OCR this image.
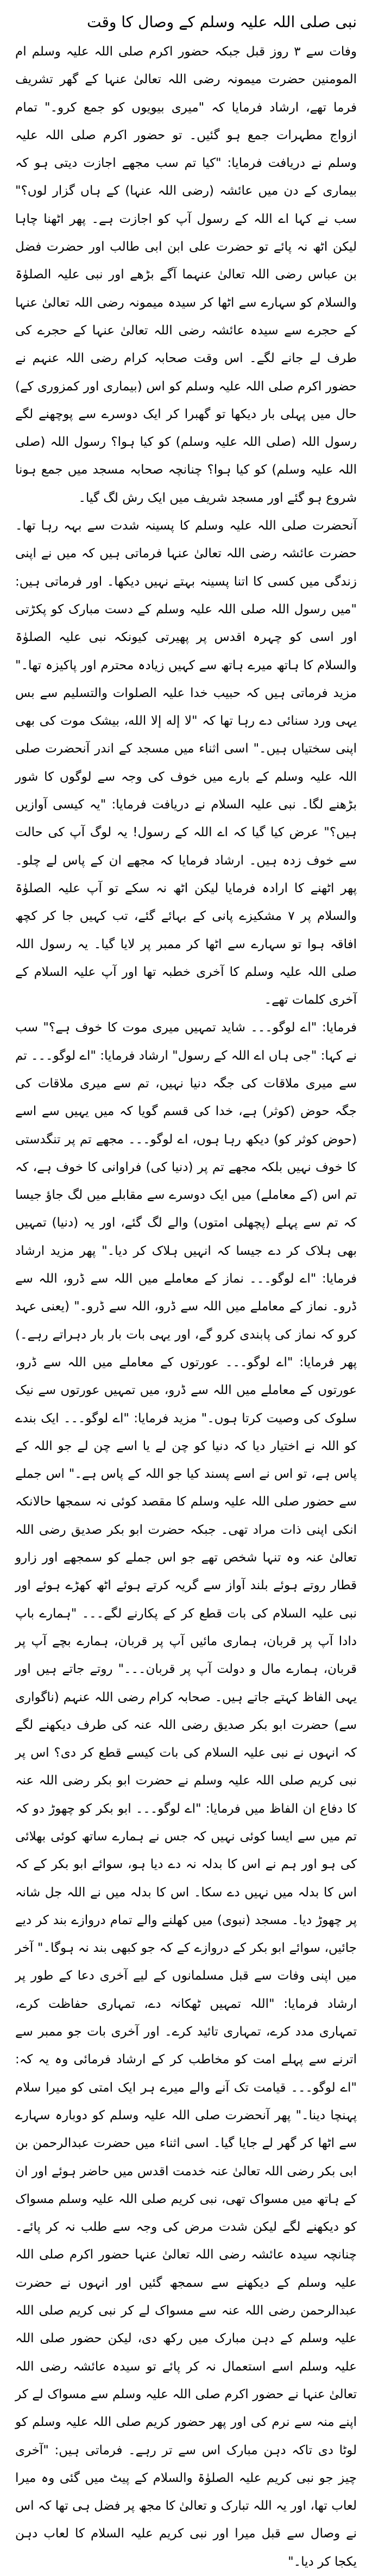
نبی صلی اللہ علیہ وسلم کے وصال کا وقت

وفات سے ۳ روز قبل جبکہ حضور اکرم صلی اللہ علیہ وسلم ام المومنین حضرت میمونہ رضی اللہ تعالیٰ عنہا کے گھر تشریف فرما تھے، ارشاد فرمایا کہ "میری بیویوں کو جمع کرو۔" تمام ازواج مطہرات جمع ہو گئیں۔ تو حضور اکرم صلی اللہ علیہ وسلم نے دریافت فرمایا: "کیا تم سب مجھے اجازت دیتی ہو کہ بیماری کے دن میں عائشہ (رضی اللہ عنہا) کے ہاں گزار لوں؟" سب نے کہا اے اللہ کے رسول آپ کو اجازت ہے۔ پھر اٹھنا چاہا لیکن اٹھ نہ پائے تو حضرت علی ابن ابی طالب اور حضرت فضل بن عباس رضی اللہ تعالیٰ عنہما آگے بڑھے اور نبی علیہ الصلوٰۃ والسلام کو سہارے سے اٹھا کر سیدہ میمونہ رضی اللہ تعالیٰ عنہا کے حجرے سے سیدہ عائشہ رضی اللہ تعالیٰ عنہا کے حجرے کی طرف لے جانے لگے۔ اس وقت صحابہ کرام رضی اللہ عنہم نے حضور اکرم صلی اللہ علیہ وسلم کو اس (بیماری اور کمزوری کے) حال میں پہلی بار دیکھا تو گھبرا کر ایک دوسرے سے پوچھنے لگے رسول اللہ (صلی اللہ علیہ وسلم) کو کیا ہوا؟ رسول اللہ (صلی اللہ علیہ وسلم) کو کیا ہوا؟ چنانچہ صحابہ مسجد میں جمع ہونا شروع ہو گئے اور مسجد شریف میں ایک رش لگ گیا۔

آنحضرت صلی اللہ علیہ وسلم کا پسینہ شدت سے بہہ رہا تھا۔ حضرت عائشہ رضی اللہ تعالیٰ عنہا فرماتی ہیں کہ میں نے اپنی زندگی میں کسی کا اتنا پسینہ بہتے نہیں دیکھا۔ اور فرماتی ہیں: "میں رسول اللہ صلی اللہ علیہ وسلم کے دست مبارک کو پکڑتی اور اسی کو چہرہ اقدس پر پھیرتی کیونکہ نبی علیہ الصلوٰۃ والسلام کا ہاتھ میرے ہاتھ سے کہیں زیادہ محترم اور پاکیزہ تھا۔" مزید فرماتی ہیں کہ حبیب خدا علیہ الصلوات والتسلیم سے بس یہی ورد سنائی دے رہا تھا کہ "لا إله إلا الله، بیشک موت کی بھی اپنی سختیاں ہیں۔" اسی اثناء میں مسجد کے اندر آنحضرت صلی اللہ علیہ وسلم کے بارے میں خوف کی وجہ سے لوگوں کا شور بڑھنے لگا۔ نبی علیہ السلام نے دریافت فرمایا: "یہ کیسی آوازیں ہیں؟" عرض کیا گیا کہ اے اللہ کے رسول! یہ لوگ آپ کی حالت سے خوف زدہ ہیں۔ ارشاد فرمایا کہ مجھے ان کے پاس لے چلو۔ پھر اٹھنے کا ارادہ فرمایا لیکن اٹھ نہ سکے تو آپ علیہ الصلوٰۃ والسلام پر ۷ مشکیزے پانی کے بہائے گئے، تب کہیں جا کر کچھ افاقہ ہوا تو سہارے سے اٹھا کر ممبر پر لایا گیا۔ یہ رسول اللہ صلی اللہ علیہ وسلم کا آخری خطبہ تھا اور آپ علیہ السلام کے آخری کلمات تھے۔

فرمایا: "اے لوگو۔۔۔ شاید تمہیں میری موت کا خوف ہے؟" سب نے کہا: "جی ہاں اے اللہ کے رسول" ارشاد فرمایا: "اے لوگو۔۔۔ تم سے میری ملاقات کی جگہ دنیا نہیں، تم سے میری ملاقات کی جگہ حوض (کوثر) ہے، خدا کی قسم گویا کہ میں یہیں سے اسے (حوض کوثر کو) دیکھ رہا ہوں، اے لوگو۔۔۔ مجھے تم پر تنگدستی کا خوف نہیں بلکہ مجھے تم پر (دنیا کی) فراوانی کا خوف ہے، کہ تم اس (کے معاملے) میں ایک دوسرے سے مقابلے میں لگ جاؤ جیسا کہ تم سے پہلے (پچھلی امتوں) والے لگ گئے، اور یہ (دنیا) تمہیں بھی ہلاک کر دے جیسا کہ انہیں ہلاک کر دیا۔" پھر مزید ارشاد فرمایا: "اے لوگو۔۔۔ نماز کے معاملے میں اللہ سے ڈرو، اللہ سے ڈرو۔ نماز کے معاملے میں اللہ سے ڈرو، اللہ سے ڈرو۔" (یعنی عہد کرو کہ نماز کی پابندی کرو گے، اور یہی بات بار بار دہراتے رہے۔) پھر فرمایا: "اے لوگو۔۔۔ عورتوں کے معاملے میں اللہ سے ڈرو، عورتوں کے معاملے میں اللہ سے ڈرو، میں تمہیں عورتوں سے نیک سلوک کی وصیت کرتا ہوں۔" مزید فرمایا: "اے لوگو۔۔۔ ایک بندے کو اللہ نے اختیار دیا کہ دنیا کو چن لے یا اسے چن لے جو اللہ کے پاس ہے، تو اس نے اسے پسند کیا جو اللہ کے پاس ہے۔" اس جملے سے حضور صلی اللہ علیہ وسلم کا مقصد کوئی نہ سمجھا حالانکہ انکی اپنی ذات مراد تھی۔ جبکہ حضرت ابو بکر صدیق رضی اللہ تعالیٰ عنہ وہ تنہا شخص تھے جو اس جملے کو سمجھے اور زارو قطار روتے ہوئے بلند آواز سے گریہ کرتے ہوئے اٹھ کھڑے ہوئے اور نبی علیہ السلام کی بات قطع کر کے پکارنے لگے۔۔۔ "ہمارے باپ دادا آپ پر قربان، ہماری مائیں آپ پر قربان، ہمارے بچے آپ پر قربان، ہمارے مال و دولت آپ پر قربان۔۔۔" روتے جاتے ہیں اور یہی الفاظ کہتے جاتے ہیں۔ صحابہ کرام رضی اللہ عنہم (ناگواری سے) حضرت ابو بکر صدیق رضی اللہ عنہ کی طرف دیکھنے لگے کہ انہوں نے نبی علیہ السلام کی بات کیسے قطع کر دی؟ اس پر نبی کریم صلی اللہ علیہ وسلم نے حضرت ابو بکر رضی اللہ عنہ کا دفاع ان الفاظ میں فرمایا: "اے لوگو۔۔۔ ابو بکر کو چھوڑ دو کہ تم میں سے ایسا کوئی نہیں کہ جس نے ہمارے ساتھ کوئی بھلائی کی ہو اور ہم نے اس کا بدلہ نہ دے دیا ہو، سوائے ابو بکر کے کہ اس کا بدلہ میں نہیں دے سکا۔ اس کا بدلہ میں نے اللہ جل شانہ پر چھوڑ دیا۔ مسجد (نبوی) میں کھلنے والے تمام دروازے بند کر دیے جائیں، سوائے ابو بکر کے دروازے کے کہ جو کبھی بند نہ ہوگا۔" آخر میں اپنی وفات سے قبل مسلمانوں کے لیے آخری دعا کے طور پر ارشاد فرمایا: "اللہ تمہیں ٹھکانہ دے، تمہاری حفاظت کرے، تمہاری مدد کرے، تمہاری تائید کرے۔ اور آخری بات جو ممبر سے اترنے سے پہلے امت کو مخاطب کر کے ارشاد فرمائی وہ یہ کہ: "اے لوگو۔۔۔ قیامت تک آنے والے میرے ہر ایک امتی کو میرا سلام پہنچا دینا۔" پھر آنحضرت صلی اللہ علیہ وسلم کو دوبارہ سہارے سے اٹھا کر گھر لے جایا گیا۔ اسی اثناء میں حضرت عبدالرحمن بن ابی بکر رضی اللہ تعالیٰ عنہ خدمت اقدس میں حاضر ہوئے اور ان کے ہاتھ میں مسواک تھی، نبی کریم صلی اللہ علیہ وسلم مسواک کو دیکھنے لگے لیکن شدت مرض کی وجہ سے طلب نہ کر پائے۔ چنانچہ سیدہ عائشہ رضی اللہ تعالیٰ عنہا حضور اکرم صلی اللہ علیہ وسلم کے دیکھنے سے سمجھ گئیں اور انہوں نے حضرت عبدالرحمن رضی اللہ عنہ سے مسواک لے کر نبی کریم صلی اللہ علیہ وسلم کے دہن مبارک میں رکھ دی، لیکن حضور صلی اللہ علیہ وسلم اسے استعمال نہ کر پائے تو سیدہ عائشہ رضی اللہ تعالیٰ عنہا نے حضور اکرم صلی اللہ علیہ وسلم سے مسواک لے کر اپنے منہ سے نرم کی اور پھر حضور کریم صلی اللہ علیہ وسلم کو لوٹا دی تاکہ دہن مبارک اس سے تر رہے۔ فرماتی ہیں: "آخری چیز جو نبی کریم علیہ الصلوٰۃ والسلام کے پیٹ میں گئی وہ میرا لعاب تھا، اور یہ اللہ تبارک و تعالیٰ کا مجھ پر فضل ہی تھا کہ اس نے وصال سے قبل میرا اور نبی کریم علیہ السلام کا لعاب دہن یکجا کر دیا۔"
